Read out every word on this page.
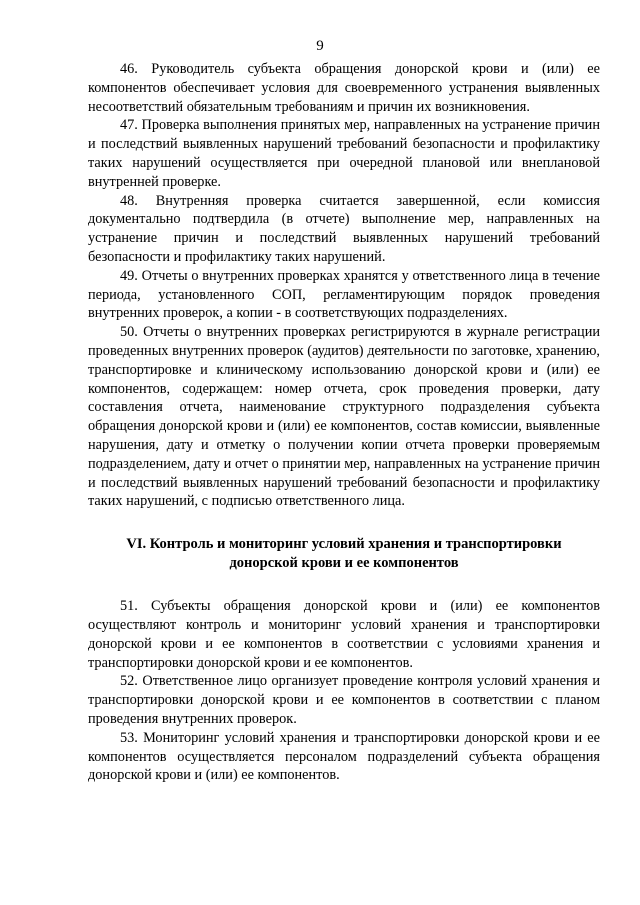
9

46. Руководитель субъекта обращения донорской крови и (или) ее компонентов обеспечивает условия для своевременного устранения выявленных несоответствий обязательным требованиям и причин их возникновения.

47. Проверка выполнения принятых мер, направленных на устранение причин и последствий выявленных нарушений требований безопасности и профилактику таких нарушений осуществляется при очередной плановой или внеплановой внутренней проверке.

48. Внутренняя проверка считается завершенной, если комиссия документально подтвердила (в отчете) выполнение мер, направленных на устранение причин и последствий выявленных нарушений требований безопасности и профилактику таких нарушений.

49. Отчеты о внутренних проверках хранятся у ответственного лица в течение периода, установленного СОП, регламентирующим порядок проведения внутренних проверок, а копии - в соответствующих подразделениях.

50. Отчеты о внутренних проверках регистрируются в журнале регистрации проведенных внутренних проверок (аудитов) деятельности по заготовке, хранению, транспортировке и клиническому использованию донорской крови и (или) ее компонентов, содержащем: номер отчета, срок проведения проверки, дату составления отчета, наименование структурного подразделения субъекта обращения донорской крови и (или) ее компонентов, состав комиссии, выявленные нарушения, дату и отметку о получении копии отчета проверки проверяемым подразделением, дату и отчет о принятии мер, направленных на устранение причин и последствий выявленных нарушений требований безопасности и профилактику таких нарушений, с подписью ответственного лица.

VI. Контроль и мониторинг условий хранения и транспортировки
донорской крови и ее компонентов

51. Субъекты обращения донорской крови и (или) ее компонентов осуществляют контроль и мониторинг условий хранения и транспортировки донорской крови и ее компонентов в соответствии с условиями хранения и транспортировки донорской крови и ее компонентов.

52. Ответственное лицо организует проведение контроля условий хранения и транспортировки донорской крови и ее компонентов в соответствии с планом проведения внутренних проверок.

53. Мониторинг условий хранения и транспортировки донорской крови и ее компонентов осуществляется персоналом подразделений субъекта обращения донорской крови и (или) ее компонентов.
